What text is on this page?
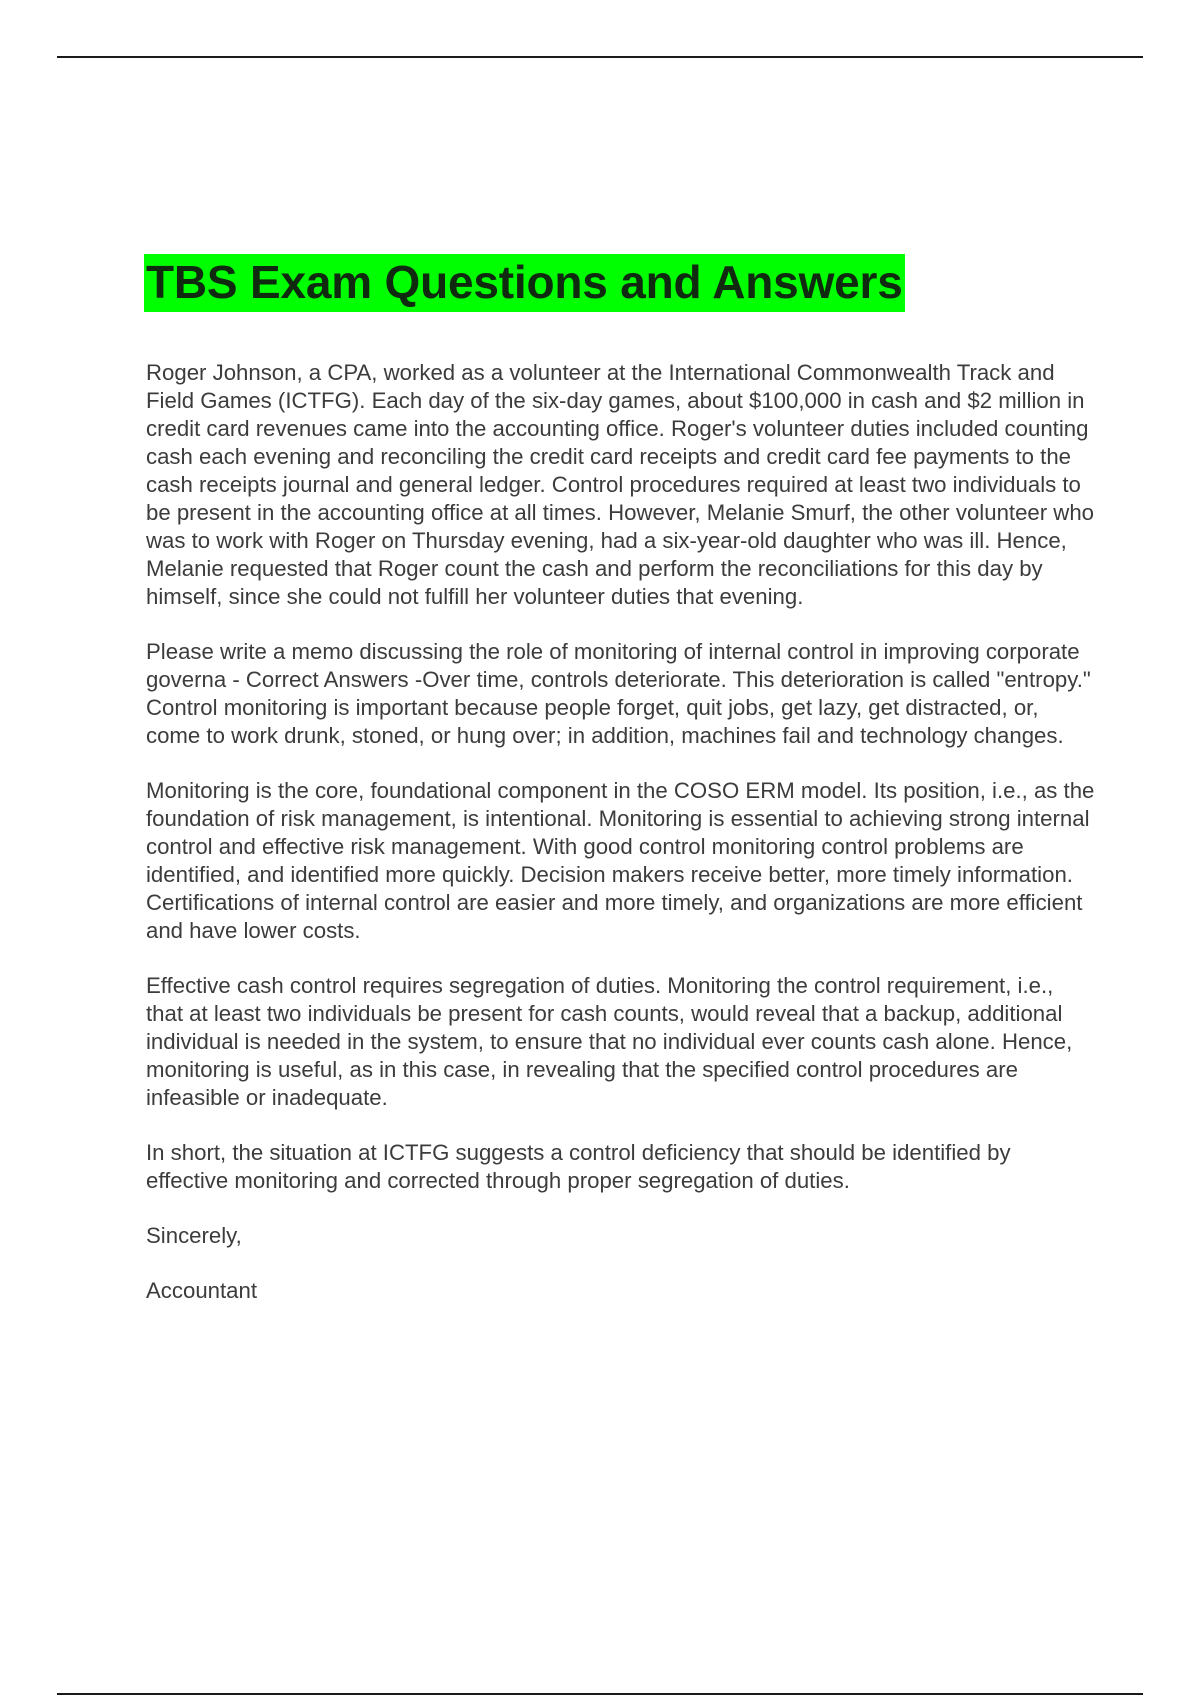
TBS Exam Questions and Answers

Roger Johnson, a CPA, worked as a volunteer at the International Commonwealth Track and Field Games (ICTFG). Each day of the six-day games, about $100,000 in cash and $2 million in credit card revenues came into the accounting office. Roger's volunteer duties included counting cash each evening and reconciling the credit card receipts and credit card fee payments to the cash receipts journal and general ledger. Control procedures required at least two individuals to be present in the accounting office at all times. However, Melanie Smurf, the other volunteer who was to work with Roger on Thursday evening, had a six-year-old daughter who was ill. Hence, Melanie requested that Roger count the cash and perform the reconciliations for this day by himself, since she could not fulfill her volunteer duties that evening.

Please write a memo discussing the role of monitoring of internal control in improving corporate governa - Correct Answers -Over time, controls deteriorate. This deterioration is called "entropy." Control monitoring is important because people forget, quit jobs, get lazy, get distracted, or, come to work drunk, stoned, or hung over; in addition, machines fail and technology changes.

Monitoring is the core, foundational component in the COSO ERM model. Its position, i.e., as the foundation of risk management, is intentional. Monitoring is essential to achieving strong internal control and effective risk management. With good control monitoring control problems are identified, and identified more quickly. Decision makers receive better, more timely information. Certifications of internal control are easier and more timely, and organizations are more efficient and have lower costs.

Effective cash control requires segregation of duties. Monitoring the control requirement, i.e., that at least two individuals be present for cash counts, would reveal that a backup, additional individual is needed in the system, to ensure that no individual ever counts cash alone. Hence, monitoring is useful, as in this case, in revealing that the specified control procedures are infeasible or inadequate.

In short, the situation at ICTFG suggests a control deficiency that should be identified by effective monitoring and corrected through proper segregation of duties.

Sincerely,

Accountant
